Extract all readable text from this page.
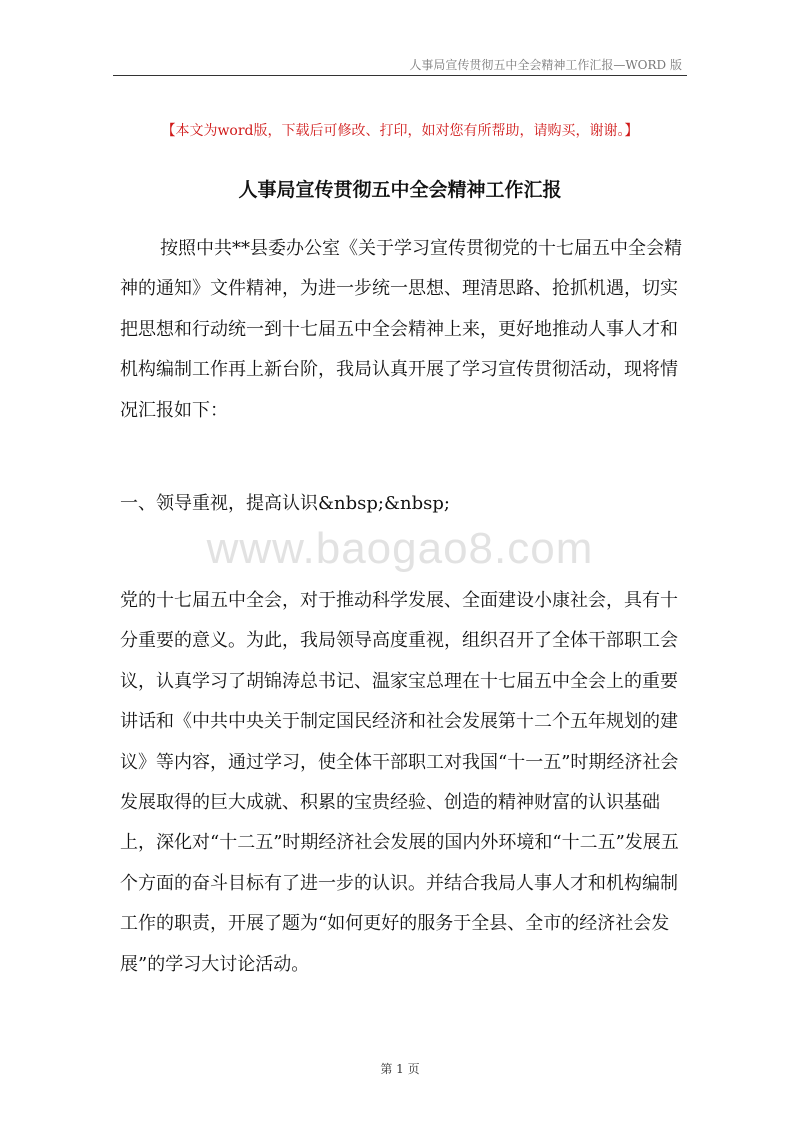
人事局宣传贯彻五中全会精神工作汇报—WORD 版
【本文为word版，下载后可修改、打印，如对您有所帮助，请购买，谢谢。】
人事局宣传贯彻五中全会精神工作汇报

按照中共**县委办公室《关于学习宣传贯彻党的十七届五中全会精神的通知》文件精神，为进一步统一思想、理清思路、抢抓机遇，切实把思想和行动统一到十七届五中全会精神上来，更好地推动人事人才和机构编制工作再上新台阶，我局认真开展了学习宣传贯彻活动，现将情况汇报如下：

一、领导重视，提高认识&nbsp;&nbsp;
www.baogao8.com

党的十七届五中全会，对于推动科学发展、全面建设小康社会，具有十分重要的意义。为此，我局领导高度重视，组织召开了全体干部职工会议，认真学习了胡锦涛总书记、温家宝总理在十七届五中全会上的重要讲话和《中共中央关于制定国民经济和社会发展第十二个五年规划的建议》等内容，通过学习，使全体干部职工对我国“十一五”时期经济社会发展取得的巨大成就、积累的宝贵经验、创造的精神财富的认识基础上，深化对“十二五”时期经济社会发展的国内外环境和“十二五”发展五个方面的奋斗目标有了进一步的认识。并结合我局人事人才和机构编制工作的职责，开展了题为“如何更好的服务于全县、全市的经济社会发展”的学习大讨论活动。

第 1 页
